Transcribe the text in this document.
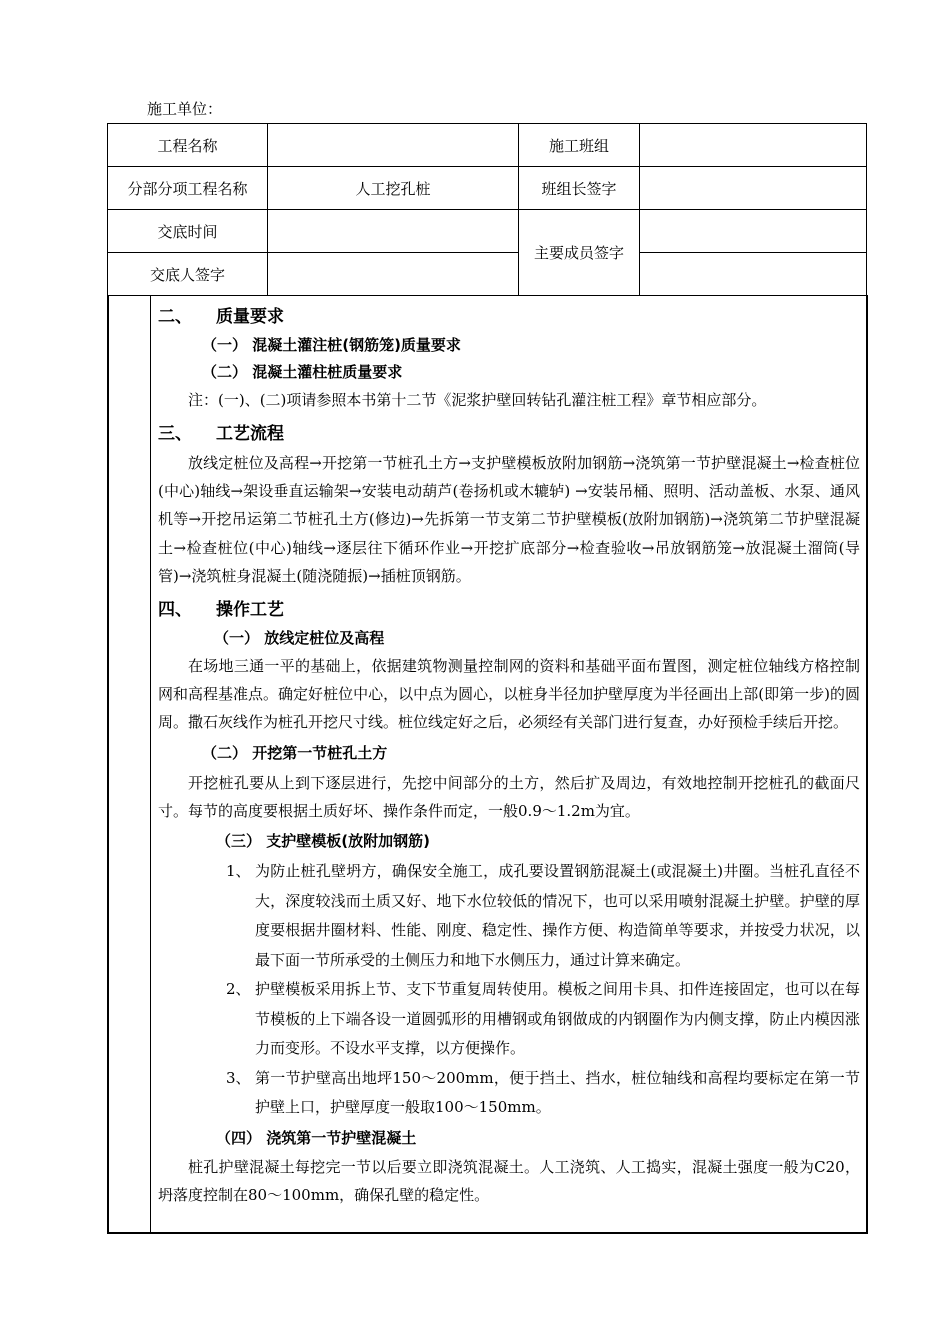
施工单位：
工程名称		施工班组	
分部分项工程名称	人工挖孔桩	班组长签字	
交底时间		主要成员签字	
交底人签字			
二、 质量要求
（一） 混凝土灌注桩(钢筋笼)质量要求
（二） 混凝土灌柱桩质量要求
注：(一)、(二)项请参照本书第十二节《泥浆护壁回转钻孔灌注桩工程》章节相应部分。
三、 工艺流程
放线定桩位及高程→开挖第一节桩孔土方→支护壁模板放附加钢筋→浇筑第一节护壁混凝土→检查桩位(中心)轴线→架设垂直运输架→安装电动葫芦(卷扬机或木辘轳) →安装吊桶、照明、活动盖板、水泵、通风机等→开挖吊运第二节桩孔土方(修边)→先拆第一节支第二节护壁模板(放附加钢筋)→浇筑第二节护壁混凝土→检查桩位(中心)轴线→逐层往下循环作业→开挖扩底部分→检查验收→吊放钢筋笼→放混凝土溜筒(导管)→浇筑桩身混凝土(随浇随振)→插桩顶钢筋。
四、 操作工艺
（一） 放线定桩位及高程
在场地三通一平的基础上，依据建筑物测量控制网的资料和基础平面布置图，测定桩位轴线方格控制网和高程基准点。确定好桩位中心，以中点为圆心，以桩身半径加护壁厚度为半径画出上部(即第一步)的圆周。撒石灰线作为桩孔开挖尺寸线。桩位线定好之后，必须经有关部门进行复查，办好预检手续后开挖。
（二） 开挖第一节桩孔土方
开挖桩孔要从上到下逐层进行，先挖中间部分的土方，然后扩及周边，有效地控制开挖桩孔的截面尺寸。每节的高度要根据土质好坏、操作条件而定，一般0.9～1.2m为宜。
（三） 支护壁模板(放附加钢筋)
1、 为防止桩孔壁坍方，确保安全施工，成孔要设置钢筋混凝土(或混凝土)井圈。当桩孔直径不大，深度较浅而土质又好、地下水位较低的情况下，也可以采用喷射混凝土护壁。护壁的厚度要根据井圈材料、性能、刚度、稳定性、操作方便、构造简单等要求，并按受力状况，以最下面一节所承受的土侧压力和地下水侧压力，通过计算来确定。
2、 护壁模板采用拆上节、支下节重复周转使用。模板之间用卡具、扣件连接固定，也可以在每节模板的上下端各设一道圆弧形的用槽钢或角钢做成的内钢圈作为内侧支撑，防止内模因涨力而变形。不设水平支撑，以方便操作。
3、 第一节护壁高出地坪150～200mm，便于挡土、挡水，桩位轴线和高程均要标定在第一节护壁上口，护壁厚度一般取100～150mm。
（四） 浇筑第一节护壁混凝土
桩孔护壁混凝土每挖完一节以后要立即浇筑混凝土。人工浇筑、人工捣实，混凝土强度一般为C20，坍落度控制在80～100mm，确保孔壁的稳定性。
